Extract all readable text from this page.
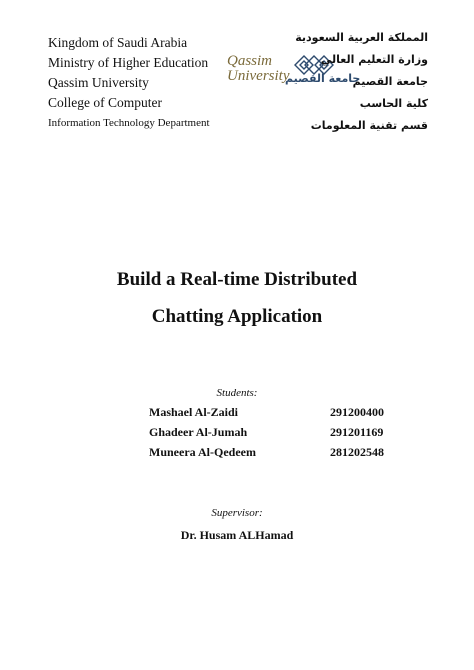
Kingdom of Saudi Arabia
Ministry of Higher Education
Qassim University
College of Computer
Information Technology Department
Qassim
University
جامعة القصيم
المملكة العربية السعودية
وزارة التعليم العالي
جامعة القصيم
كلية الحاسب
قسم تقنية المعلومات
Build a Real-time Distributed
Chatting Application
Students:
Mashael Al-Zaidi	291200400
Ghadeer Al-Jumah	291201169
Muneera Al-Qedeem	281202548
Supervisor:
Dr. Husam ALHamad
